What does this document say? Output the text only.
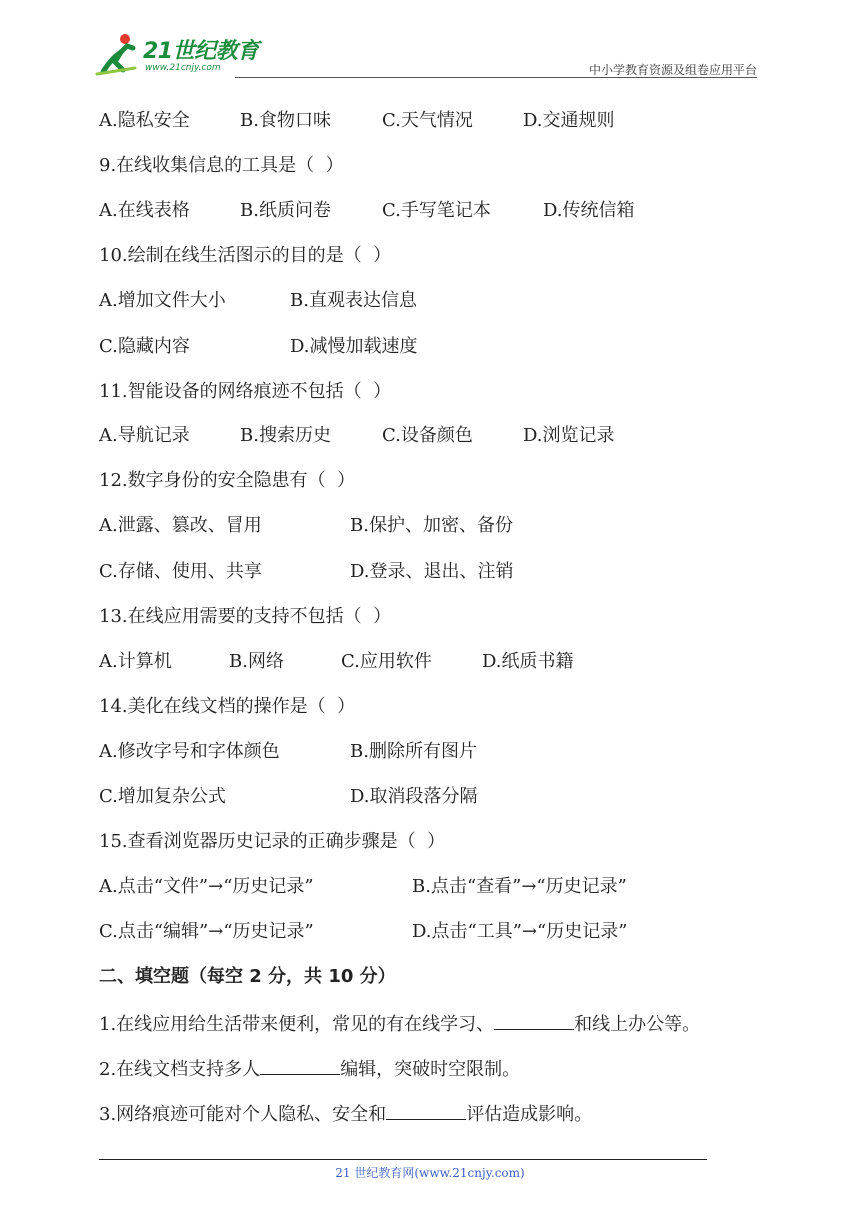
21世纪教育
www.21cnjy.com	中小学教育资源及组卷应用平台
A.隐私安全	B.食物口味	C.天气情况	D.交通规则
9.在线收集信息的工具是（  ）
A.在线表格	B.纸质问卷	C.手写笔记本	D.传统信箱
10.绘制在线生活图示的目的是（  ）
A.增加文件大小	B.直观表达信息
C.隐藏内容	D.减慢加载速度
11.智能设备的网络痕迹不包括（  ）
A.导航记录	B.搜索历史	C.设备颜色	D.浏览记录
12.数字身份的安全隐患有（  ）
A.泄露、篡改、冒用	B.保护、加密、备份
C.存储、使用、共享	D.登录、退出、注销
13.在线应用需要的支持不包括（  ）
A.计算机	B.网络	C.应用软件	D.纸质书籍
14.美化在线文档的操作是（  ）
A.修改字号和字体颜色	B.删除所有图片
C.增加复杂公式	D.取消段落分隔
15.查看浏览器历史记录的正确步骤是（  ）
A.点击“文件”→“历史记录”	B.点击“查看”→“历史记录”
C.点击“编辑”→“历史记录”	D.点击“工具”→“历史记录”
二、填空题（每空 2 分，共 10 分）
1.在线应用给生活带来便利，常见的有在线学习、	和线上办公等。
2.在线文档支持多人	编辑，突破时空限制。
3.网络痕迹可能对个人隐私、安全和	评估造成影响。
21 世纪教育网(www.21cnjy.com)
